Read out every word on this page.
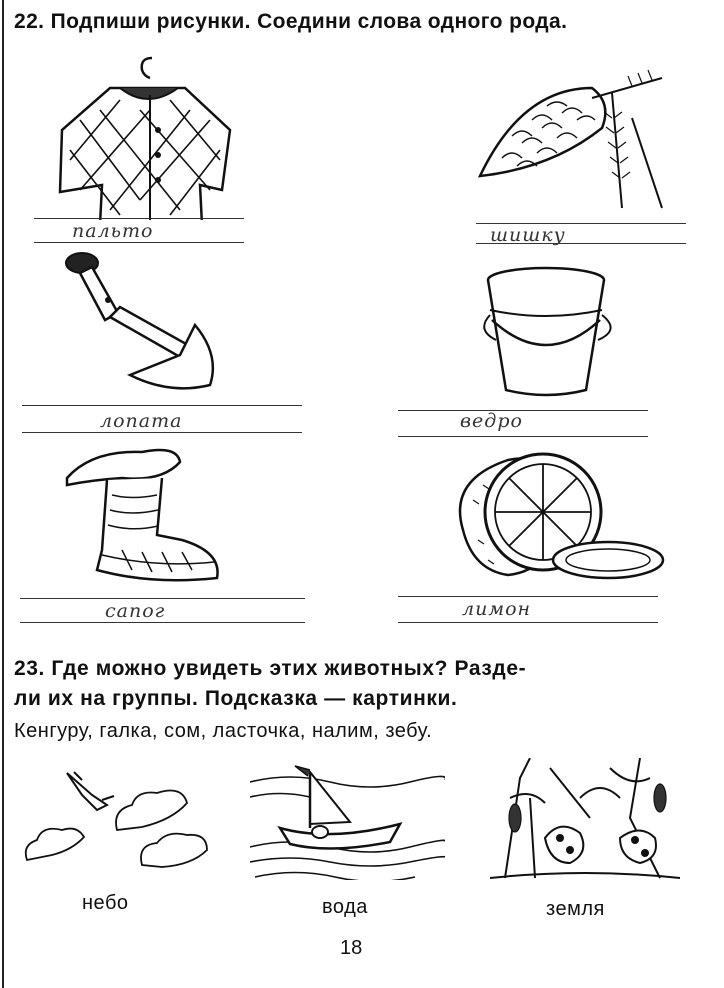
22. Подпиши рисунки. Соедини слова одного рода.
пальто	шишку
лопата	ведро
сапог	лимон
23. Где можно увидеть этих животных? Разде-
ли их на группы. Подсказка — картинки.
Кенгуру, галка, сом, ласточка, налим, зебу.
небо	вода	земля
18
